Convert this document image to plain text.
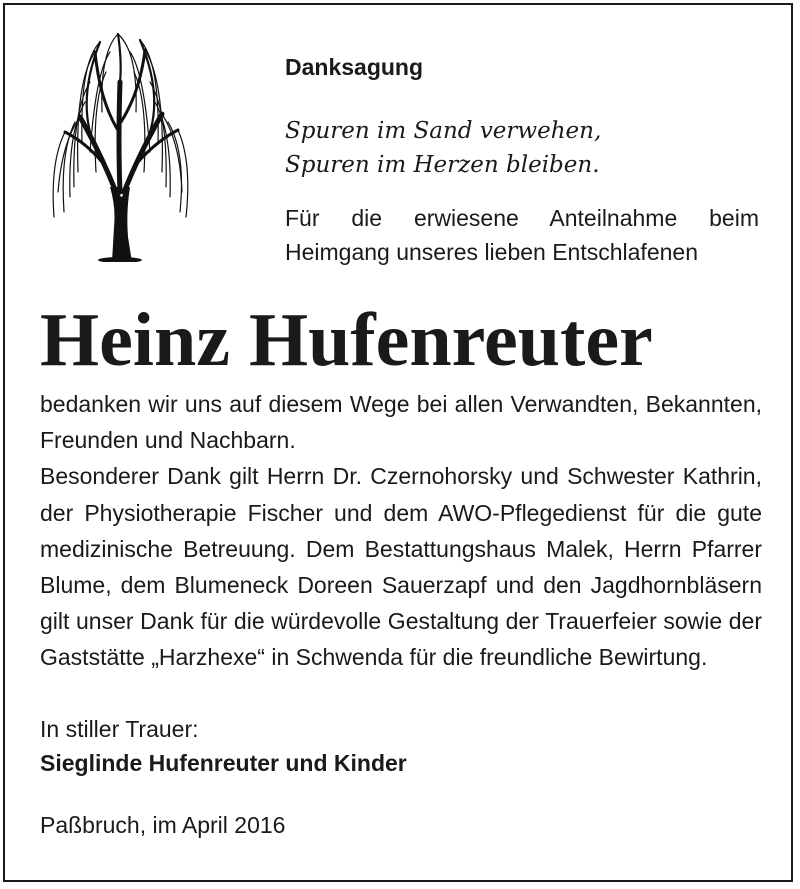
Danksagung
Spuren im Sand verwehen,
Spuren im Herzen bleiben.

Für die erwiesene Anteilnahme beim Heimgang unseres lieben Entschlafenen

Heinz Hufenreuter

bedanken wir uns auf diesem Wege bei allen Verwandten, Bekannten, Freunden und Nachbarn.

Besonderer Dank gilt Herrn Dr. Czernohorsky und Schwester Kathrin, der Physiotherapie Fischer und dem AWO-Pflegedienst für die gute medizinische Betreuung. Dem Bestattungshaus Malek, Herrn Pfarrer Blume, dem Blumeneck Doreen Sauerzapf und den Jagdhornbläsern gilt unser Dank für die würdevolle Gestaltung der Trauerfeier sowie der Gaststätte „Harzhexe“ in Schwenda für die freundliche Bewirtung.

In stiller Trauer:

Sieglinde Hufenreuter und Kinder

Paßbruch, im April 2016
